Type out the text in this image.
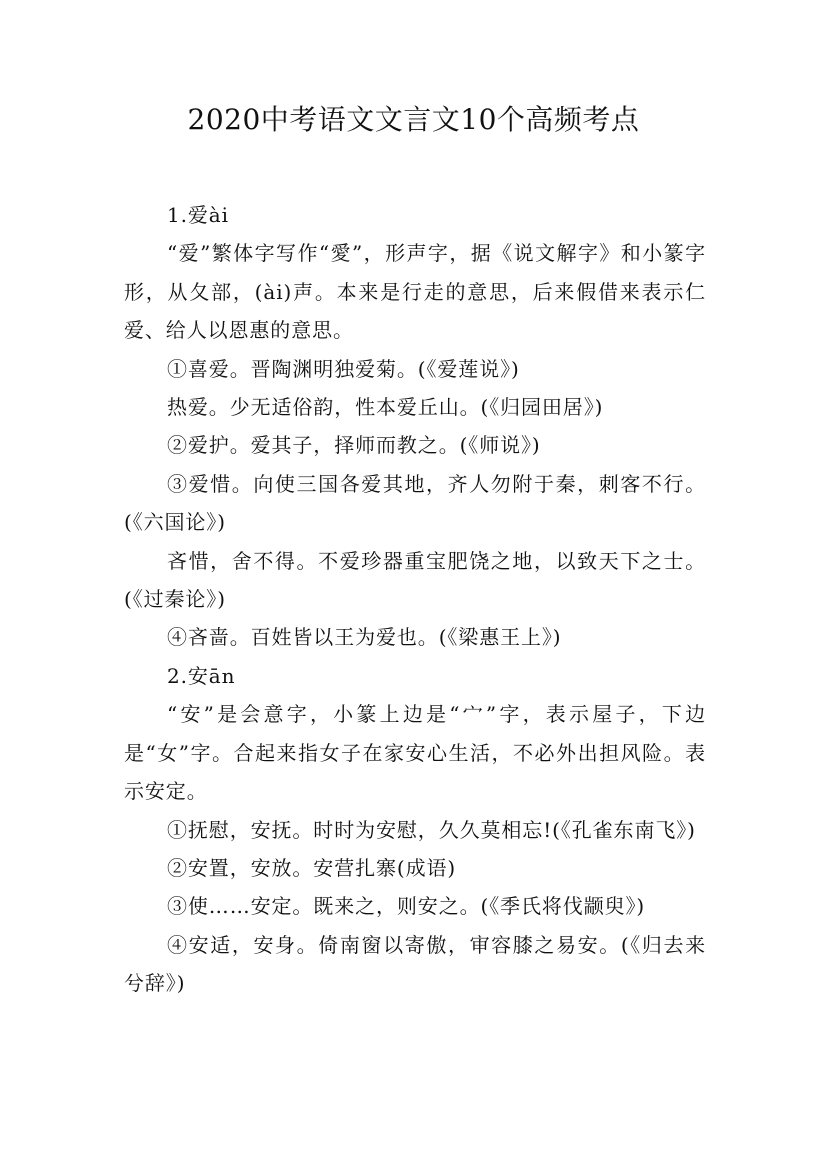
2020中考语文文言文10个高频考点

1.爱ài

“爱”繁体字写作“愛”，形声字，据《说文解字》和小篆字形，从夂部，(ài)声。本来是行走的意思，后来假借来表示仁爱、给人以恩惠的意思。

①喜爱。晋陶渊明独爱菊。(《爱莲说》)

热爱。少无适俗韵，性本爱丘山。(《归园田居》)

②爱护。爱其子，择师而教之。(《师说》)

③爱惜。向使三国各爱其地，齐人勿附于秦，刺客不行。(《六国论》)

吝惜，舍不得。不爱珍器重宝肥饶之地，以致天下之士。(《过秦论》)

④吝啬。百姓皆以王为爱也。(《梁惠王上》)

2.安ān

“安”是会意字，小篆上边是“宀”字，表示屋子，下边是“女”字。合起来指女子在家安心生活，不必外出担风险。表示安定。

①抚慰，安抚。时时为安慰，久久莫相忘!(《孔雀东南飞》)

②安置，安放。安营扎寨(成语)

③使……安定。既来之，则安之。(《季氏将伐颛臾》)

④安适，安身。倚南窗以寄傲，审容膝之易安。(《归去来兮辞》)
